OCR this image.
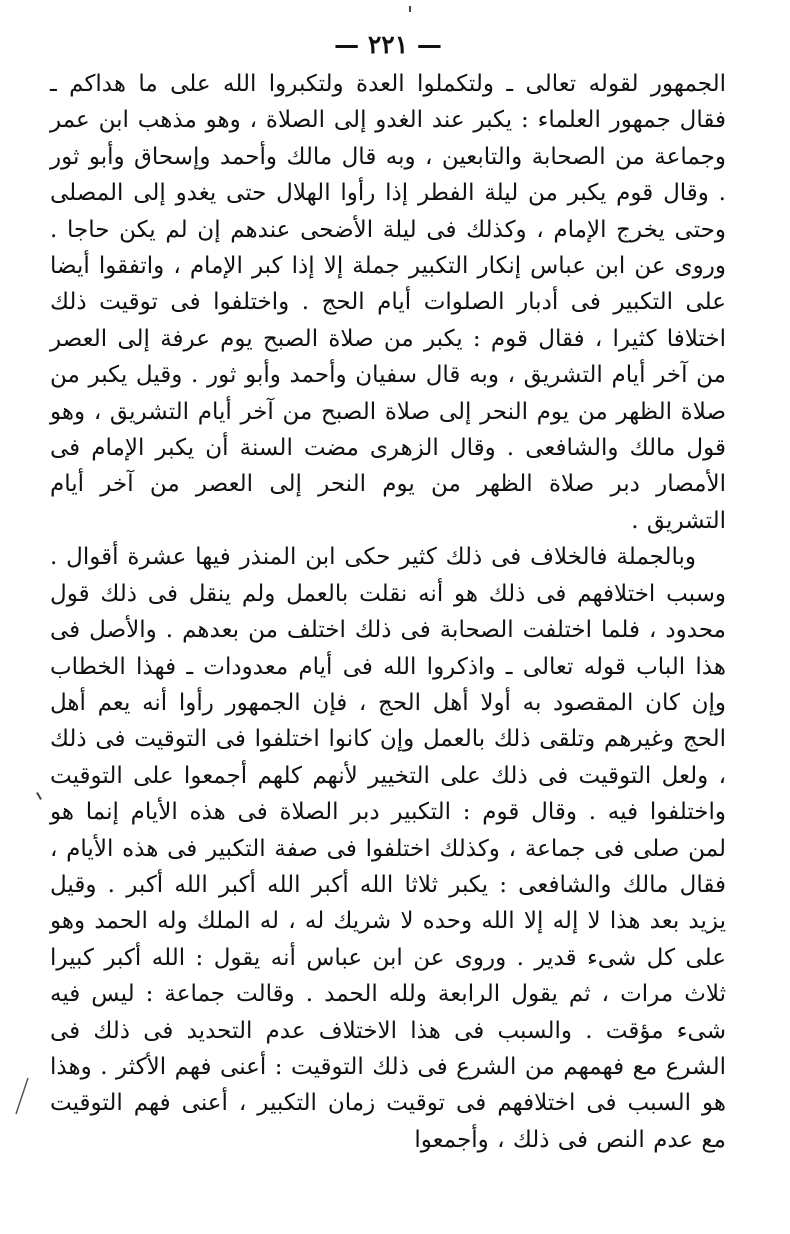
— ٢٢١ —

الجمهور لقوله تعالى ـ ولتكملوا العدة ولتكبروا الله على ما هداكم ـ فقال جمهور العلماء : يكبر عند الغدو إلى الصلاة ، وهو مذهب ابن عمر وجماعة من الصحابة والتابعين ، وبه قال مالك وأحمد وإسحاق وأبو ثور . وقال قوم يكبر من ليلة الفطر إذا رأوا الهلال حتى يغدو إلى المصلى وحتى يخرج الإمام ، وكذلك فى ليلة الأضحى عندهم إن لم يكن حاجا . وروى عن ابن عباس إنكار التكبير جملة إلا إذا كبر الإمام ، واتفقوا أيضا على التكبير فى أدبار الصلوات أيام الحج . واختلفوا فى توقيت ذلك اختلافا كثيرا ، فقال قوم : يكبر من صلاة الصبح يوم عرفة إلى العصر من آخر أيام التشريق ، وبه قال سفيان وأحمد وأبو ثور . وقيل يكبر من صلاة الظهر من يوم النحر إلى صلاة الصبح من آخر أيام التشريق ، وهو قول مالك والشافعى . وقال الزهرى مضت السنة أن يكبر الإمام فى الأمصار دبر صلاة الظهر من يوم النحر إلى العصر من آخر أيام التشريق .

وبالجملة فالخلاف فى ذلك كثير حكى ابن المنذر فيها عشرة أقوال . وسبب اختلافهم فى ذلك هو أنه نقلت بالعمل ولم ينقل فى ذلك قول محدود ، فلما اختلفت الصحابة فى ذلك اختلف من بعدهم . والأصل فى هذا الباب قوله تعالى ـ واذكروا الله فى أيام معدودات ـ فهذا الخطاب وإن كان المقصود به أولا أهل الحج ، فإن الجمهور رأوا أنه يعم أهل الحج وغيرهم وتلقى ذلك بالعمل وإن كانوا اختلفوا فى التوقيت فى ذلك ، ولعل التوقيت فى ذلك على التخيير لأنهم كلهم أجمعوا على التوقيت واختلفوا فيه . وقال قوم : التكبير دبر الصلاة فى هذه الأيام إنما هو لمن صلى فى جماعة ، وكذلك اختلفوا فى صفة التكبير فى هذه الأيام ، فقال مالك والشافعى : يكبر ثلاثا الله أكبر الله أكبر الله أكبر . وقيل يزيد بعد هذا لا إله إلا الله وحده لا شريك له ، له الملك وله الحمد وهو على كل شىء قدير . وروى عن ابن عباس أنه يقول : الله أكبر كبيرا ثلاث مرات ، ثم يقول الرابعة ولله الحمد . وقالت جماعة : ليس فيه شىء مؤقت . والسبب فى هذا الاختلاف عدم التحديد فى ذلك فى الشرع مع فهمهم من الشرع فى ذلك التوقيت : أعنى فهم الأكثر . وهذا هو السبب فى اختلافهم فى توقيت زمان التكبير ، أعنى فهم التوقيت مع عدم النص فى ذلك ، وأجمعوا
